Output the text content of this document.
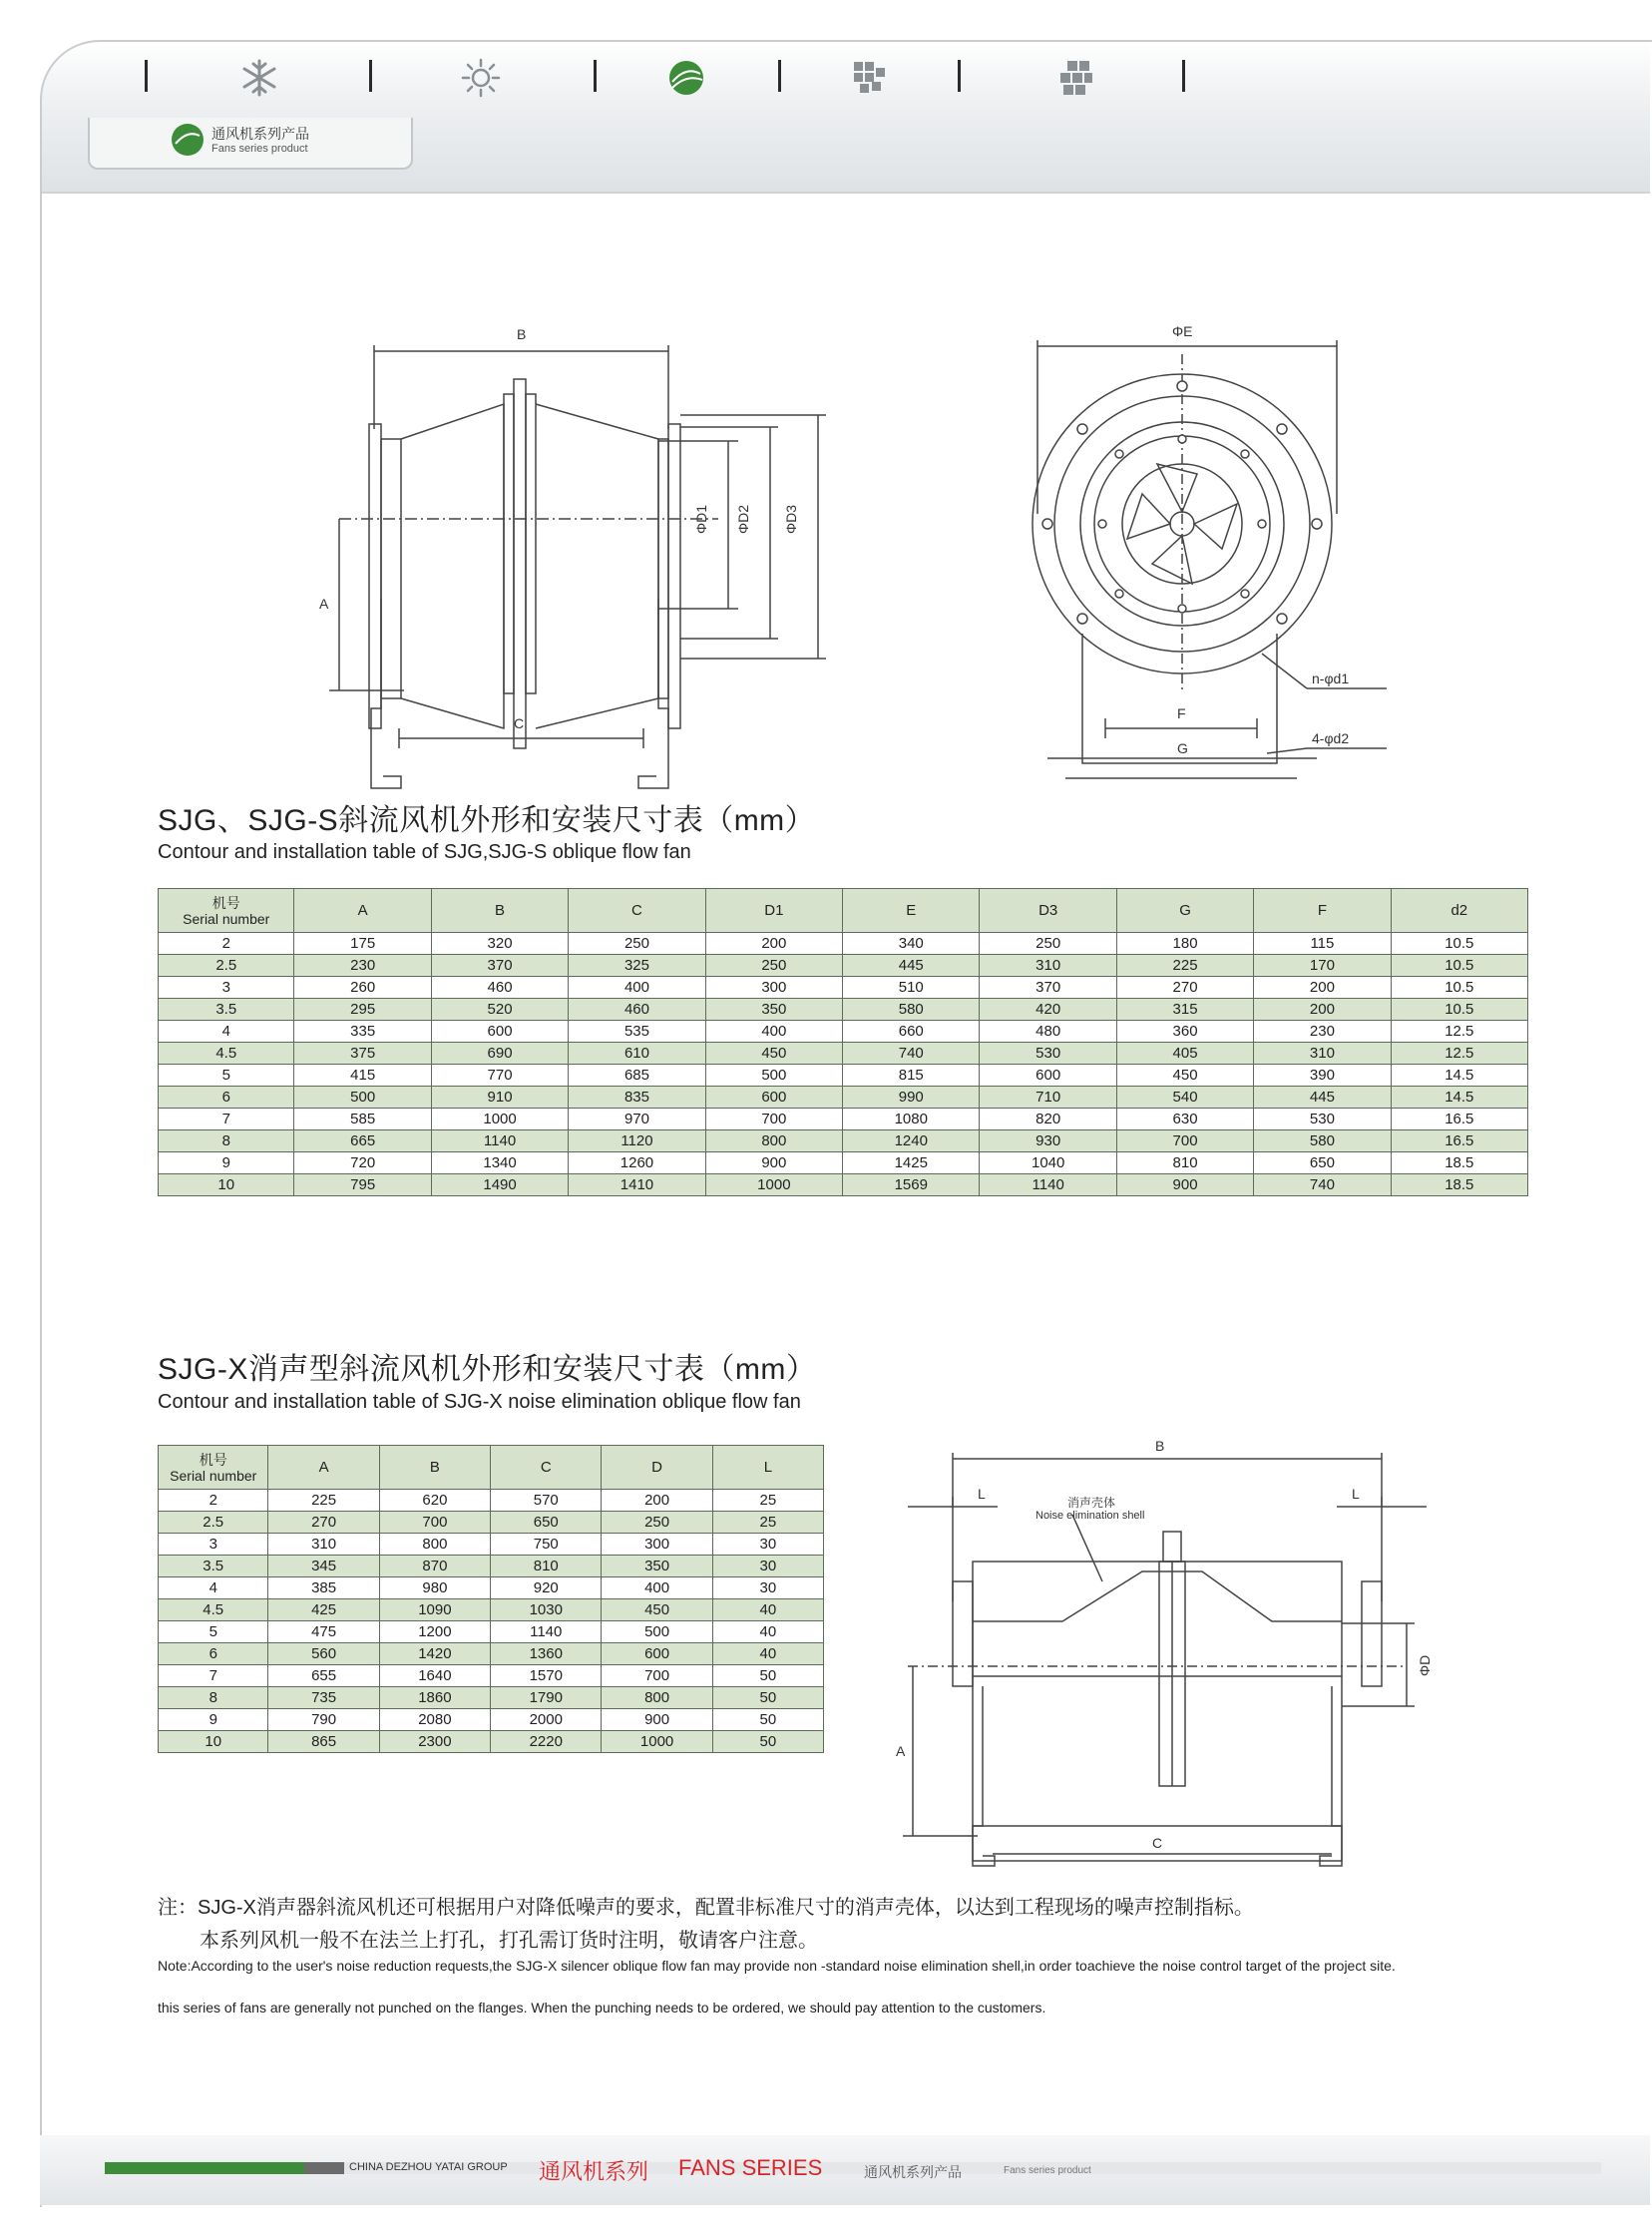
通风机系列产品
Fans series product
B
A
C
ΦD1 ΦD2 ΦD3
ΦE
F
G
n-φd1
4-φd2
SJG、SJG-S斜流风机外形和安装尺寸表（mm）

Contour and installation table of SJG,SJG-S oblique flow fan

机号
Serial number	A	B	C	D1	E	D3	G	F	d2
2	175	320	250	200	340	250	180	115	10.5
2.5	230	370	325	250	445	310	225	170	10.5
3	260	460	400	300	510	370	270	200	10.5
3.5	295	520	460	350	580	420	315	200	10.5
4	335	600	535	400	660	480	360	230	12.5
4.5	375	690	610	450	740	530	405	310	12.5
5	415	770	685	500	815	600	450	390	14.5
6	500	910	835	600	990	710	540	445	14.5
7	585	1000	970	700	1080	820	630	530	16.5
8	665	1140	1120	800	1240	930	700	580	16.5
9	720	1340	1260	900	1425	1040	810	650	18.5
10	795	1490	1410	1000	1569	1140	900	740	18.5
SJG-X消声型斜流风机外形和安装尺寸表（mm）

Contour and installation table of SJG-X noise elimination oblique flow fan

机号
Serial number	A	B	C	D	L
2	225	620	570	200	25
2.5	270	700	650	250	25
3	310	800	750	300	30
3.5	345	870	810	350	30
4	385	980	920	400	30
4.5	425	1090	1030	450	40
5	475	1200	1140	500	40
6	560	1420	1360	600	40
7	655	1640	1570	700	50
8	735	1860	1790	800	50
9	790	2080	2000	900	50
10	865	2300	2220	1000	50
B
L	L
消声壳体
Noise elimination shell
ΦD
A
C

注：SJG-X消声器斜流风机还可根据用户对降低噪声的要求，配置非标准尺寸的消声壳体，以达到工程现场的噪声控制指标。

本系列风机一般不在法兰上打孔，打孔需订货时注明，敬请客户注意。

Note:According to the user's noise reduction requests,the SJG-X silencer oblique flow fan may provide non -standard noise elimination shell,in order toachieve the noise control target of the project site.

this series of fans are generally not punched on the flanges. When the punching needs to be ordered, we should pay attention to the customers.

CHINA DEZHOU YATAI GROUP 通风机系列 FANS SERIES	通风机系列产品	Fans series product
